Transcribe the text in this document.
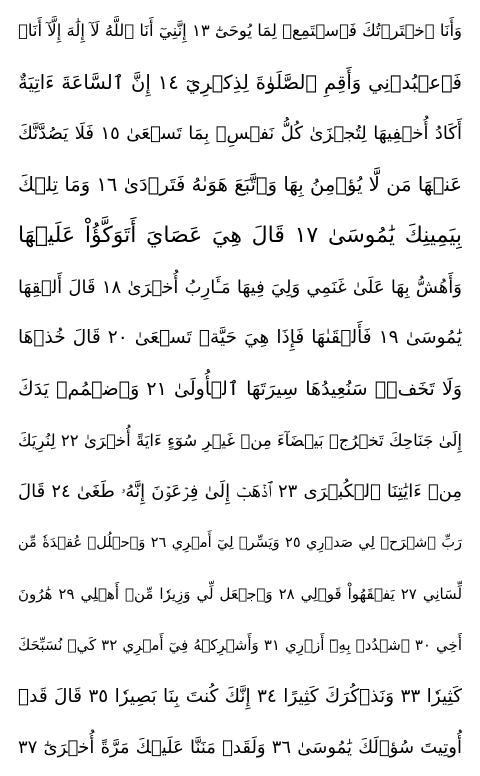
وَأَنَا ٱخۡتَرۡتُكَ فَٱسۡتَمِعۡ لِمَا يُوحَىٰٓ ١٣ إِنَّنِيٓ أَنَا ٱللَّهُ لَآ إِلَٰهَ إِلَّآ أَنَا۠
فَٱعۡبُدۡنِي وَأَقِمِ ٱلصَّلَوٰةَ لِذِكۡرِيٓ ١٤ إِنَّ ٱلسَّاعَةَ ءَاتِيَةٌ
أَكَادُ أُخۡفِيهَا لِتُجۡزَىٰ كُلُّ نَفۡسِۭ بِمَا تَسۡعَىٰ ١٥ فَلَا يَصُدَّنَّكَ
عَنۡهَا مَن لَّا يُؤۡمِنُ بِهَا وَٱتَّبَعَ هَوَىٰهُ فَتَرۡدَىٰ ١٦ وَمَا تِلۡكَ
بِيَمِينِكَ يَٰمُوسَىٰ ١٧ قَالَ هِيَ عَصَايَ أَتَوَكَّؤُاْ عَلَيۡهَا
وَأَهُشُّ بِهَا عَلَىٰ غَنَمِي وَلِيَ فِيهَا مَـَٔارِبُ أُخۡرَىٰ ١٨ قَالَ أَلۡقِهَا
يَٰمُوسَىٰ ١٩ فَأَلۡقَىٰهَا فَإِذَا هِيَ حَيَّةٞ تَسۡعَىٰ ٢٠ قَالَ خُذۡهَا
وَلَا تَخَفۡۖ سَنُعِيدُهَا سِيرَتَهَا ٱلۡأُولَىٰ ٢١ وَٱضۡمُمۡ يَدَكَ
إِلَىٰ جَنَاحِكَ تَخۡرُجۡ بَيۡضَآءَ مِنۡ غَيۡرِ سُوٓءٍ ءَايَةً أُخۡرَىٰ ٢٢ لِنُرِيَكَ
مِنۡ ءَايَٰتِنَا ٱلۡكُبۡرَى ٢٣ ٱذۡهَبۡ إِلَىٰ فِرۡعَوۡنَ إِنَّهُۥ طَغَىٰ ٢٤ قَالَ
رَبِّ ٱشۡرَحۡ لِي صَدۡرِي ٢٥ وَيَسِّرۡ لِيٓ أَمۡرِي ٢٦ وَٱحۡلُلۡ عُقۡدَةٗ مِّن
لِّسَانِي ٢٧ يَفۡقَهُواْ قَوۡلِي ٢٨ وَٱجۡعَل لِّي وَزِيرٗا مِّنۡ أَهۡلِي ٢٩ هَٰرُونَ
أَخِي ٣٠ ٱشۡدُدۡ بِهِۦٓ أَزۡرِي ٣١ وَأَشۡرِكۡهُ فِيٓ أَمۡرِي ٣٢ كَيۡ نُسَبِّحَكَ
كَثِيرٗا ٣٣ وَنَذۡكُرَكَ كَثِيرًا ٣٤ إِنَّكَ كُنتَ بِنَا بَصِيرٗا ٣٥ قَالَ قَدۡ
أُوتِيتَ سُؤۡلَكَ يَٰمُوسَىٰ ٣٦ وَلَقَدۡ مَنَنَّا عَلَيۡكَ مَرَّةً أُخۡرَىٰٓ ٣٧
